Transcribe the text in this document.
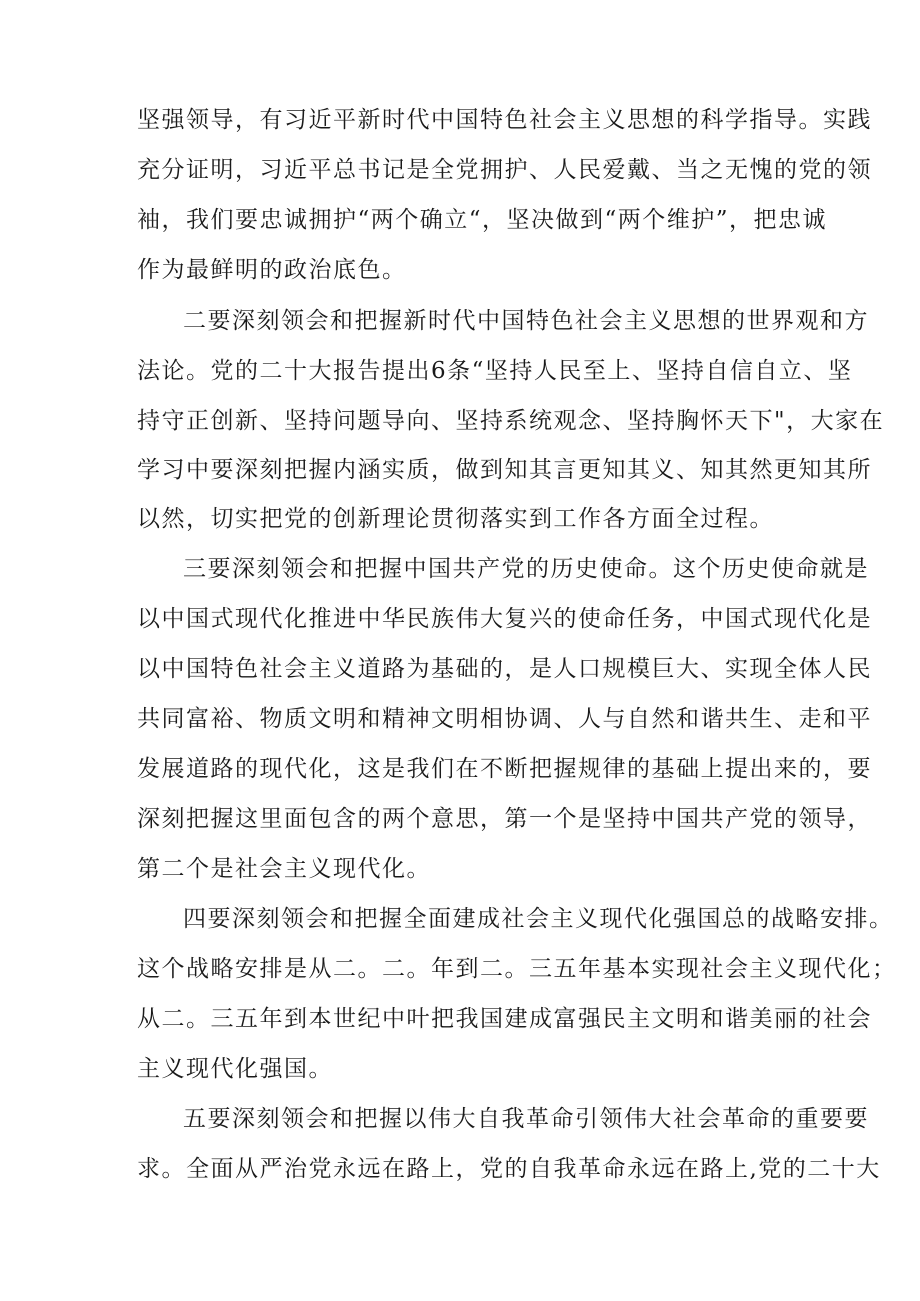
坚强领导，有习近平新时代中国特色社会主义思想的科学指导。实践
充分证明，习近平总书记是全党拥护、人民爱戴、当之无愧的党的领
袖，我们要忠诚拥护“两个确立“，坚决做到“两个维护”，把忠诚
作为最鲜明的政治底色。
二要深刻领会和把握新时代中国特色社会主义思想的世界观和方
法论。党的二十大报告提出6条“坚持人民至上、坚持自信自立、坚
持守正创新、坚持问题导向、坚持系统观念、坚持胸怀天下"，大家在
学习中要深刻把握内涵实质，做到知其言更知其义、知其然更知其所
以然，切实把党的创新理论贯彻落实到工作各方面全过程。
三要深刻领会和把握中国共产党的历史使命。这个历史使命就是
以中国式现代化推进中华民族伟大复兴的使命任务，中国式现代化是
以中国特色社会主义道路为基础的，是人口规模巨大、实现全体人民
共同富裕、物质文明和精神文明相协调、人与自然和谐共生、走和平
发展道路的现代化，这是我们在不断把握规律的基础上提出来的，要
深刻把握这里面包含的两个意思，第一个是坚持中国共产党的领导，
第二个是社会主义现代化。
四要深刻领会和把握全面建成社会主义现代化强国总的战略安排。
这个战略安排是从二。二。年到二。三五年基本实现社会主义现代化；
从二。三五年到本世纪中叶把我国建成富强民主文明和谐美丽的社会
主义现代化强国。
五要深刻领会和把握以伟大自我革命引领伟大社会革命的重要要
求。全面从严治党永远在路上，党的自我革命永远在路上,党的二十大
